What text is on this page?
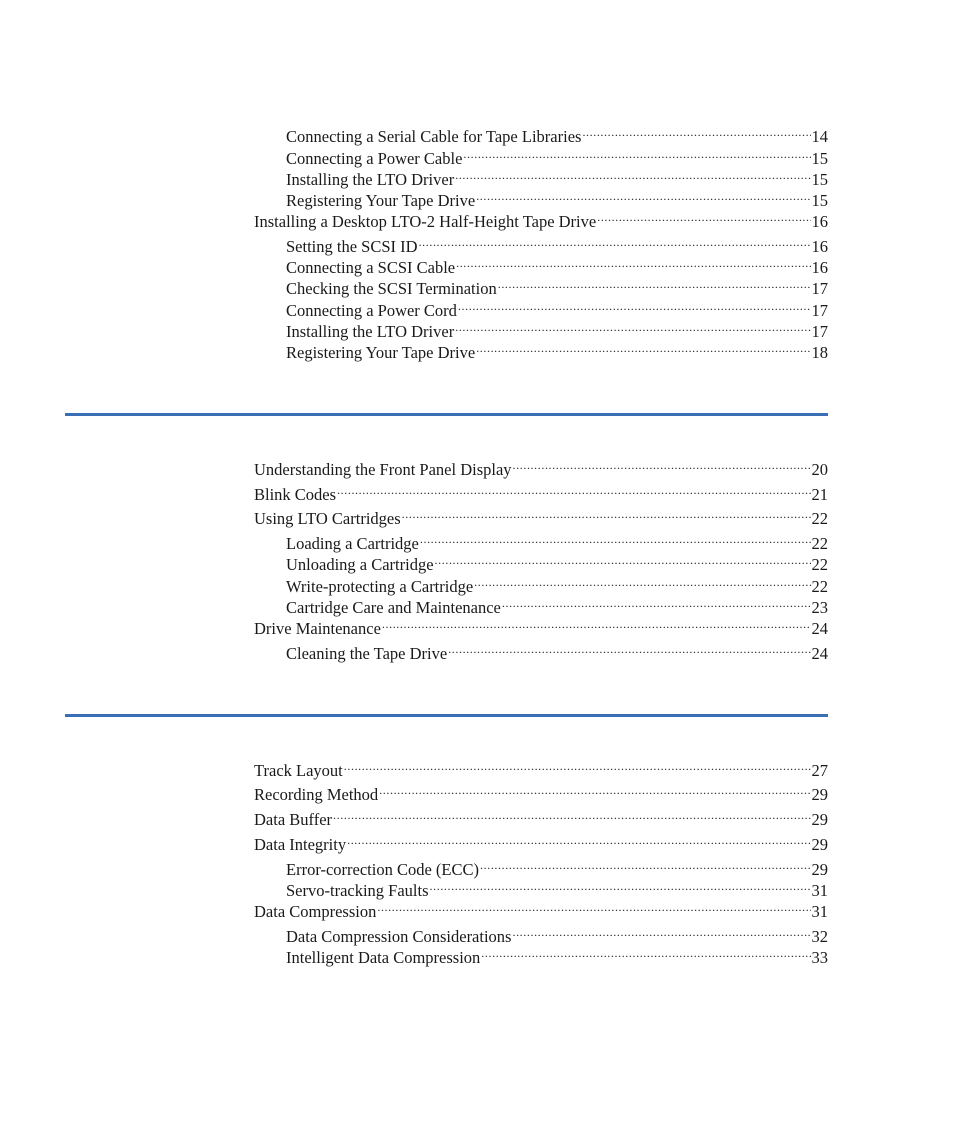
Connecting a Serial Cable for Tape Libraries .....	14
Connecting a Power Cable .....	15
Installing the LTO Driver .....	15
Registering Your Tape Drive .....	15
Installing a Desktop LTO-2 Half-Height Tape Drive .....	16
Setting the SCSI ID .....	16
Connecting a SCSI Cable .....	16
Checking the SCSI Termination .....	17
Connecting a Power Cord .....	17
Installing the LTO Driver .....	17
Registering Your Tape Drive .....	18
Understanding the Front Panel Display .....	20
Blink Codes .....	21
Using LTO Cartridges .....	22
Loading a Cartridge .....	22
Unloading a Cartridge .....	22
Write-protecting a Cartridge .....	22
Cartridge Care and Maintenance .....	23
Drive Maintenance .....	24
Cleaning the Tape Drive .....	24
Track Layout .....	27
Recording Method .....	29
Data Buffer .....	29
Data Integrity .....	29
Error-correction Code (ECC) .....	29
Servo-tracking Faults .....	31
Data Compression .....	31
Data Compression Considerations .....	32
Intelligent Data Compression .....	33
